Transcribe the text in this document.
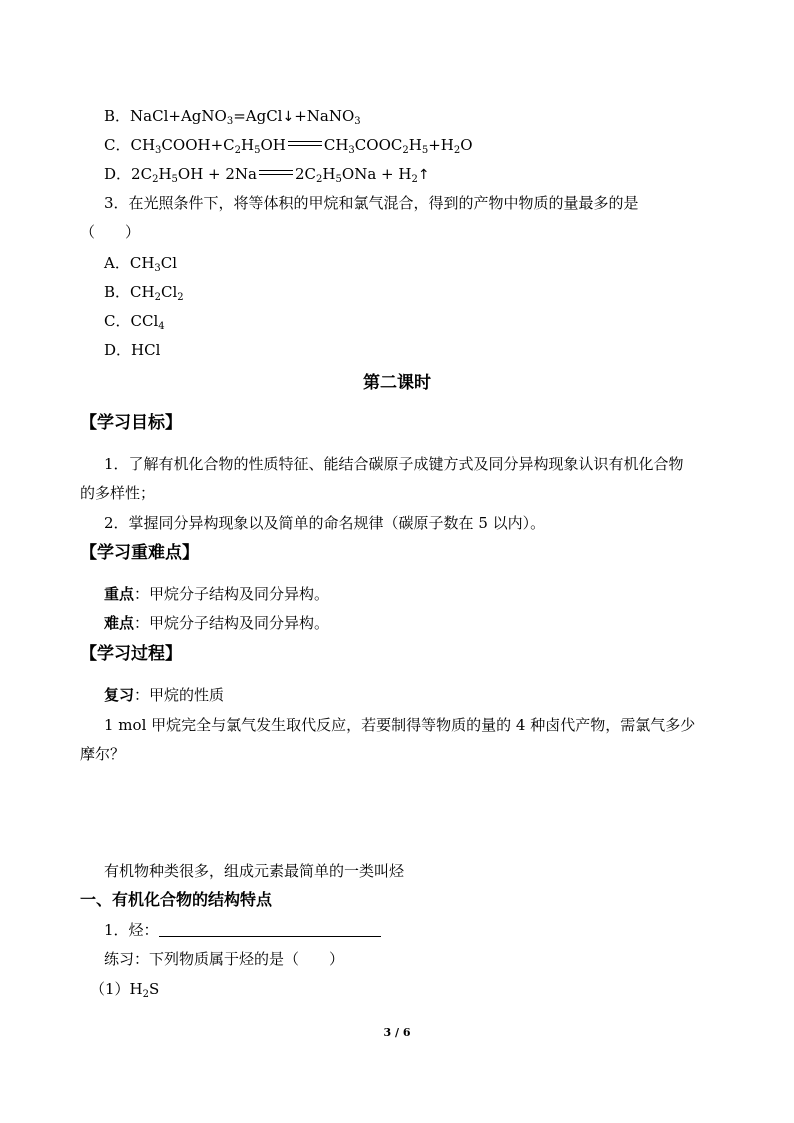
B．NaCl+AgNO$_3$=AgCl↓+NaNO$_3$
C．$CH_3COOH+C_2H_5OH$	$CH_3COOC_2H_5+H_2O$
D．$2C_2H_5OH + 2Na$	$2C_2H_5ONa$ + $H_2↑$
3．在光照条件下，将等体积的甲烷和氯气混合，得到的产物中物质的量最多的是
（　　）
A．$CH_3Cl$
B．$CH_2Cl_2$
C．CCl$_4$
D．HCl
第二课时
【学习目标】
1．了解有机化合物的性质特征、能结合碳原子成键方式及同分异构现象认识有机化合物
的多样性；
2．掌握同分异构现象以及简单的命名规律（碳原子数在 5 以内）。
【学习重难点】
重点：甲烷分子结构及同分异构。
难点：甲烷分子结构及同分异构。
【学习过程】
复习：甲烷的性质
1 mol 甲烷完全与氯气发生取代反应，若要制得等物质的量的 4 种卤代产物，需氯气多少
摩尔？
有机物种类很多，组成元素最简单的一类叫烃
一、有机化合物的结构特点
1．烃：
练习：下列物质属于烃的是（　　）
$(1)H_2S$
3 / 6
